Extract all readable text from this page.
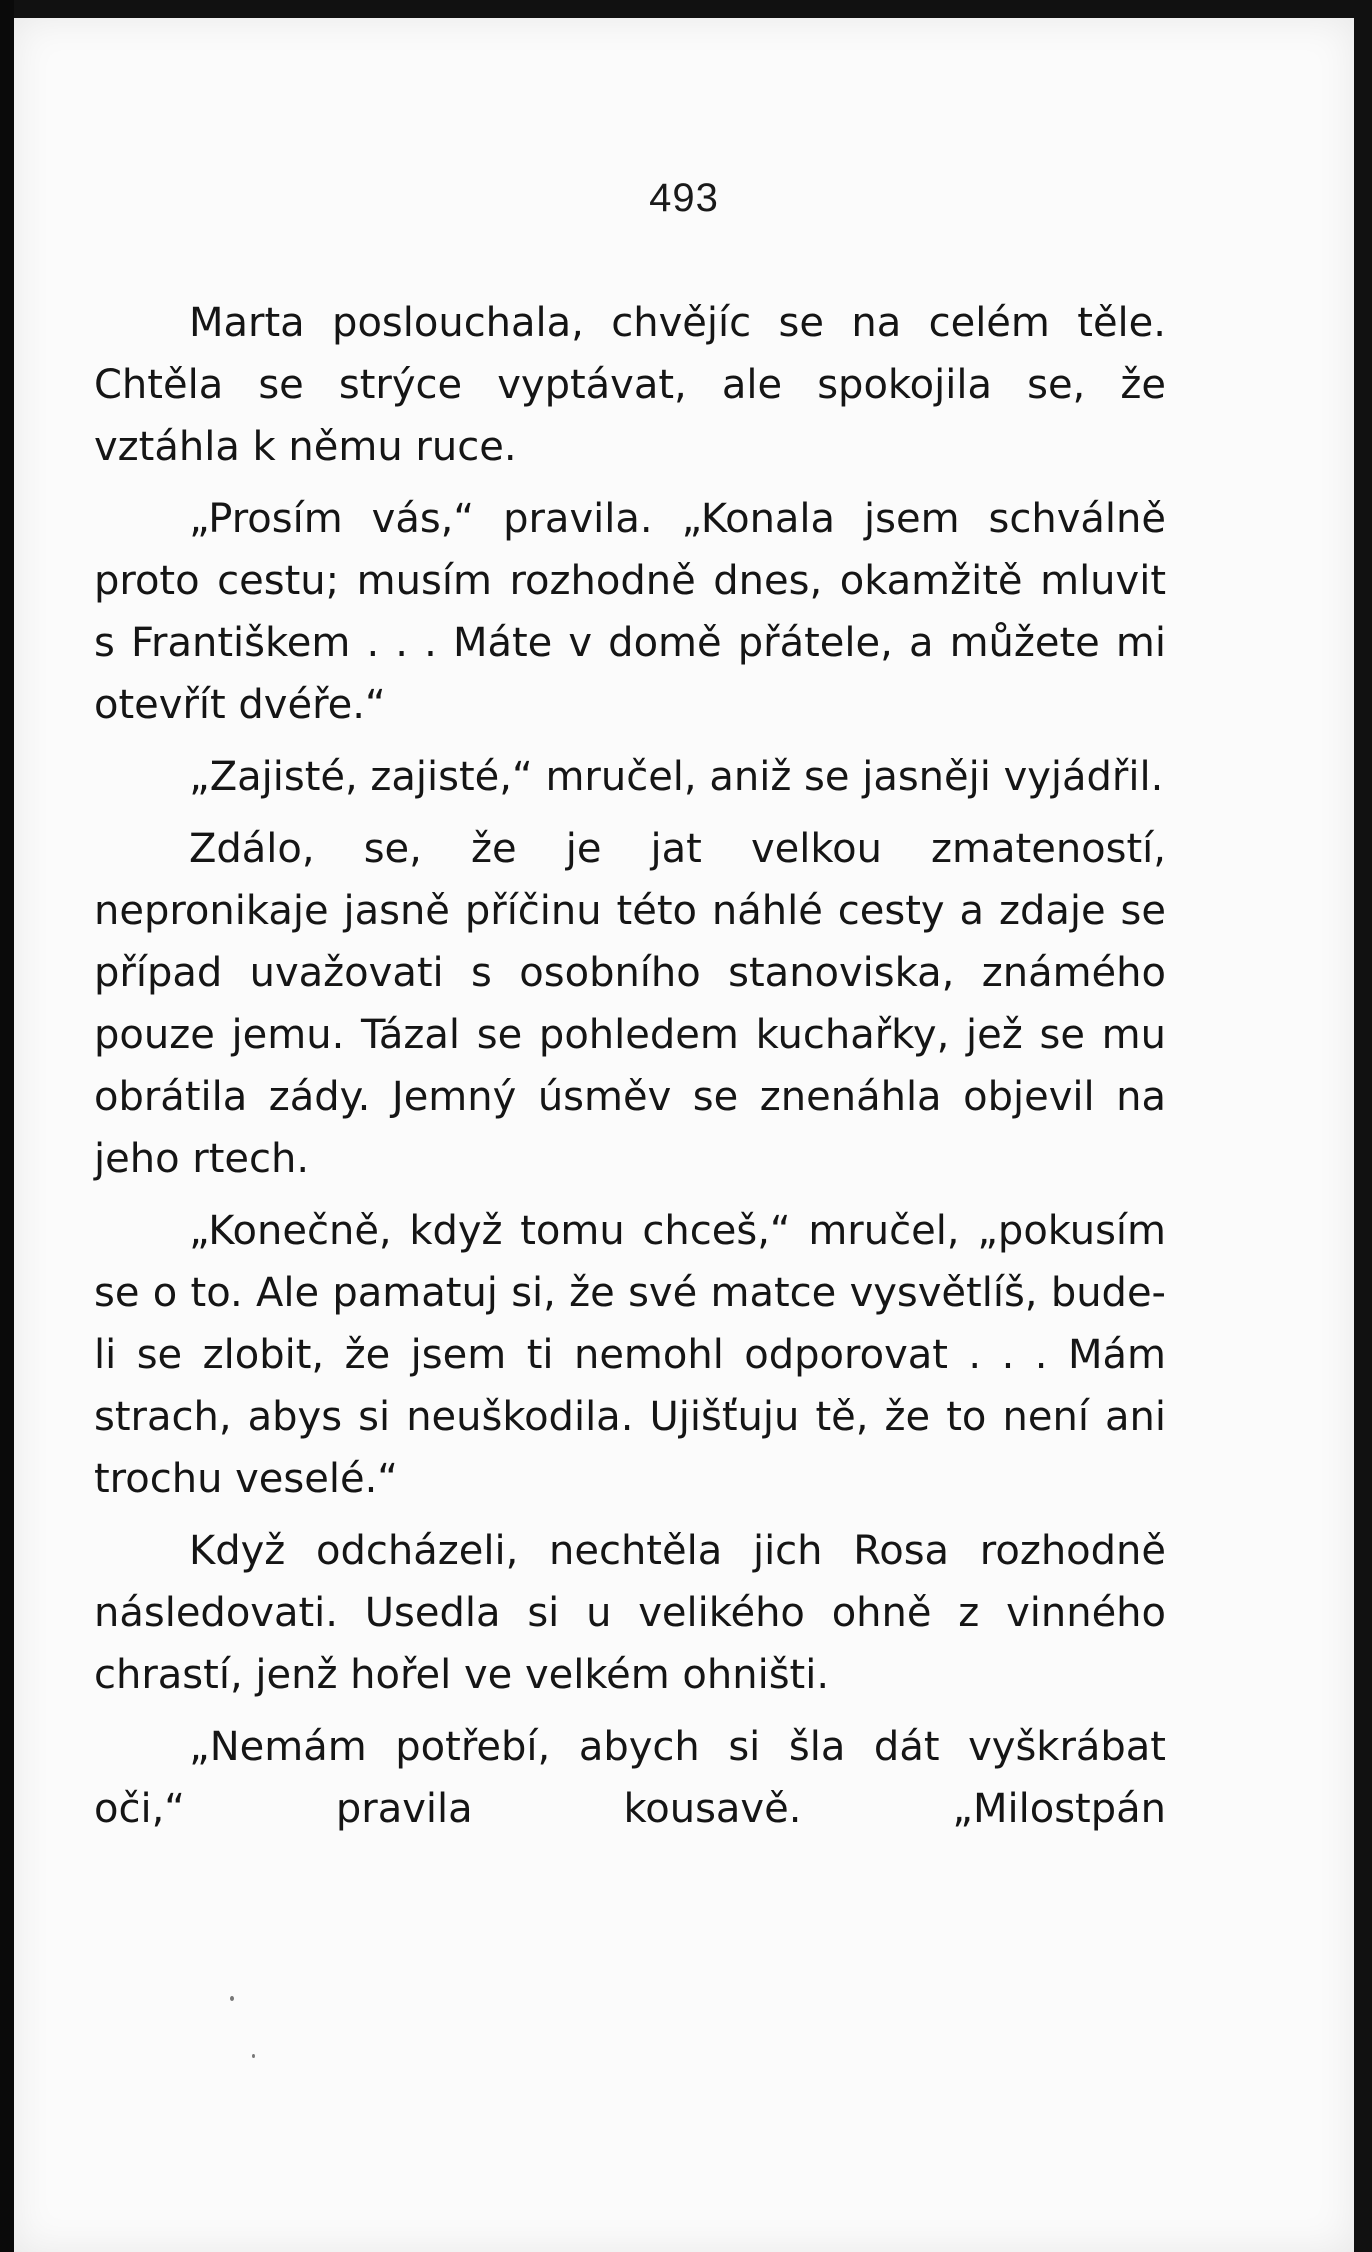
493

Marta poslouchala, chvějíc se na celém těle. Chtěla se strýce vyptávat, ale spokojila se, že vztáhla k němu ruce.

„Prosím vás,“ pravila. „Konala jsem schválně proto cestu; musím rozhodně dnes, okamžitě mluvit s Františkem . . . Máte v domě přátele, a můžete mi otevřít dvéře.“

„Zajisté, zajisté,“ mručel, aniž se jasněji vyjádřil.

Zdálo, se, že je jat velkou zmateností, nepronikaje jasně příčinu této náhlé cesty a zdaje se případ uvažovati s osobního stanoviska, známého pouze jemu. Tázal se pohledem kuchařky, jež se mu obrátila zády. Jemný úsměv se znenáhla objevil na jeho rtech.

„Konečně, když tomu chceš,“ mručel, „pokusím se o to. Ale pamatuj si, že své matce vysvětlíš, bude-li se zlobit, že jsem ti nemohl odporovat . . . Mám strach, abys si neuškodila. Ujišťuju tě, že to není ani trochu veselé.“

Když odcházeli, nechtěla jich Rosa rozhodně následovati. Usedla si u velikého ohně z vinného chrastí, jenž hořel ve velkém ohništi.

„Nemám potřebí, abych si šla dát vyškrábat oči,“ pravila kousavě. „Milostpán
